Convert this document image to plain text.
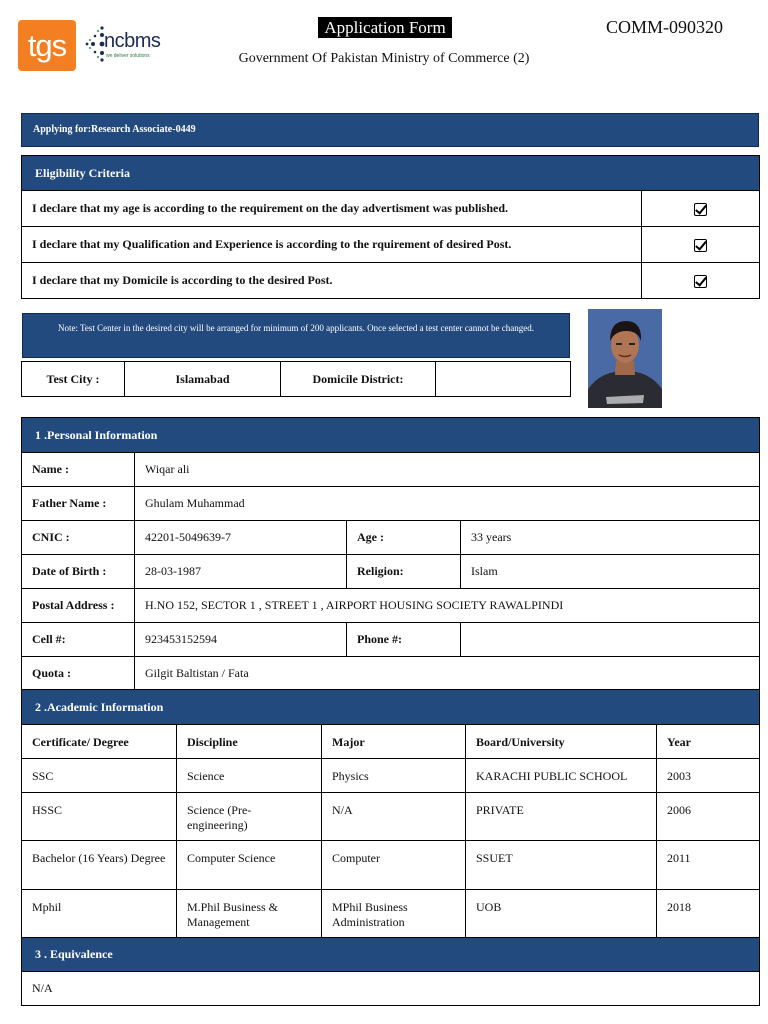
tgs	ncbms
we deliver solutions
Application Form	COMM-090320
Government Of Pakistan Ministry of Commerce (2)
Applying for:Research Associate-0449
Eligibility Criteria	
I declare that my age is according to the requirement on the day advertisment was published.	
I declare that my Qualification and Experience is according to the rquirement of desired Post.	
I declare that my Domicile is according to the desired Post.	
Note: Test Center in the desired city will be arranged for minimum of 200 applicants. Once selected a test center cannot be changed.
Test City :	Islamabad	Domicile District:	
1 .Personal Information			
Name :	Wiqar ali		
Father Name :	Ghulam Muhammad		
CNIC :	42201-5049639-7	Age :	33 years
Date of Birth :	28-03-1987	Religion:	Islam
Postal Address :	H.NO 152, SECTOR 1 , STREET 1 , AIRPORT HOUSING SOCIETY RAWALPINDI		
Cell #:	923453152594	Phone #:	
Quota :	Gilgit Baltistan / Fata		
2 .Academic Information				
Certificate/ Degree	Discipline	Major	Board/University	Year
SSC	Science	Physics	KARACHI PUBLIC SCHOOL	2003
HSSC	Science (Pre-engineering)	N/A	PRIVATE	2006
Bachelor (16 Years) Degree	Computer Science	Computer	SSUET	2011
Mphil	M.Phil Business & Management	MPhil Business Administration	UOB	2018
3 . Equivalence
N/A
